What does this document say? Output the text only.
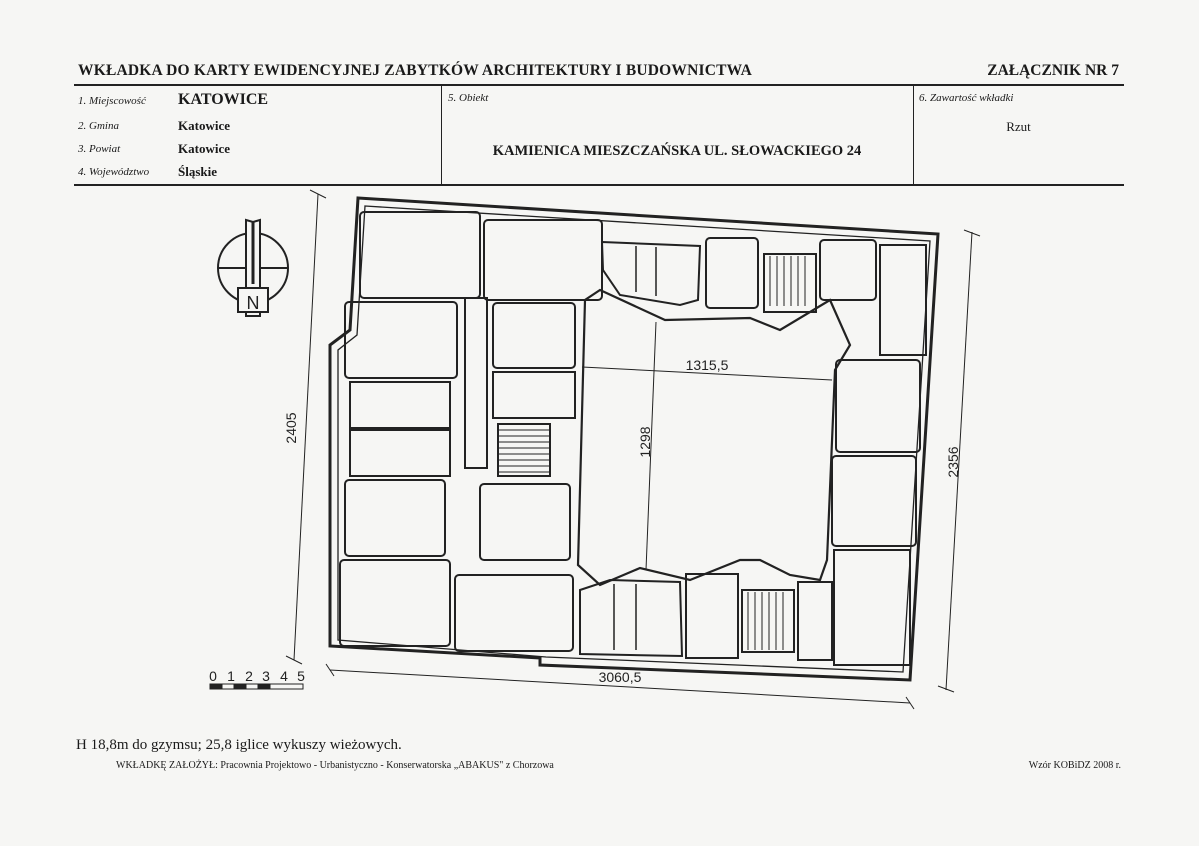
WKŁADKA DO KARTY EWIDENCYJNEJ ZABYTKÓW ARCHITEKTURY I BUDOWNICTWA	ZAŁĄCZNIK NR 7
1. Miejscowość KATOWICE
2. Gmina	Katowice
3. Powiat	Katowice
4. Województwo Śląskie
5. Obiekt
KAMIENICA MIESZCZAŃSKA UL. SŁOWACKIEGO 24
6. Zawartość wkładki
Rzut
N
0 1 2 3 4 5
1315,5
1298
2405
2356
3060,5
H 18,8m do gzymsu; 25,8 iglice wykuszy wieżowych.
WKŁADKĘ ZAŁOŻYŁ: Pracownia Projektowo - Urbanistyczno - Konserwatorska „ABAKUS" z Chorzowa	Wzór KOBiDZ 2008 r.
